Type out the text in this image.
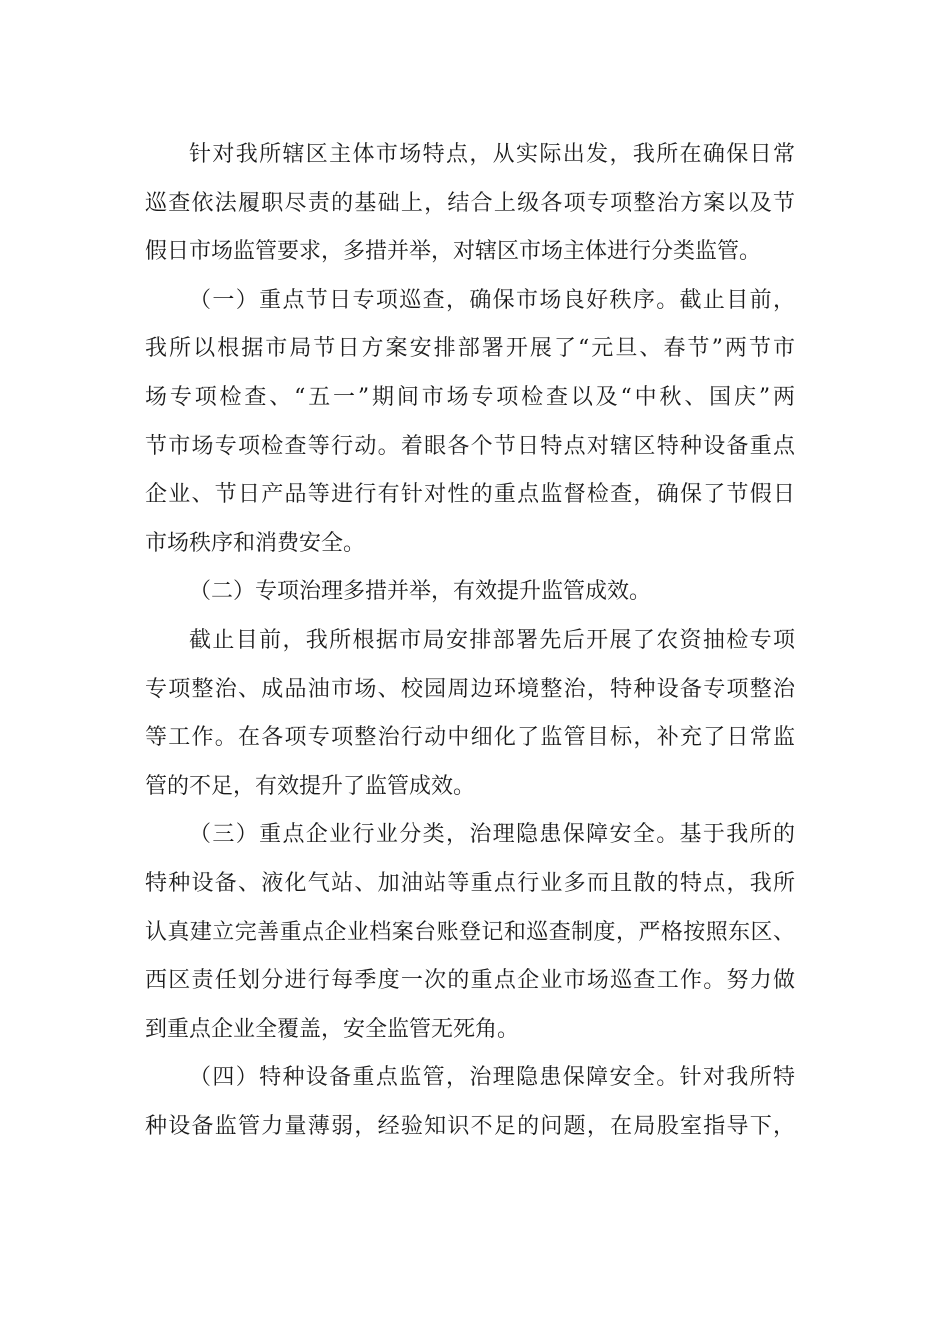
针对我所辖区主体市场特点，从实际出发，我所在确保日常
巡查依法履职尽责的基础上，结合上级各项专项整治方案以及节
假日市场监管要求，多措并举，对辖区市场主体进行分类监管。
（一）重点节日专项巡查，确保市场良好秩序。截止目前，
我所以根据市局节日方案安排部署开展了“元旦、春节”两节市
场专项检查、“五一”期间市场专项检查以及“中秋、国庆”两
节市场专项检查等行动。着眼各个节日特点对辖区特种设备重点
企业、节日产品等进行有针对性的重点监督检查，确保了节假日
市场秩序和消费安全。
（二）专项治理多措并举，有效提升监管成效。
截止目前，我所根据市局安排部署先后开展了农资抽检专项
专项整治、成品油市场、校园周边环境整治，特种设备专项整治
等工作。在各项专项整治行动中细化了监管目标，补充了日常监
管的不足，有效提升了监管成效。
（三）重点企业行业分类，治理隐患保障安全。基于我所的
特种设备、液化气站、加油站等重点行业多而且散的特点，我所
认真建立完善重点企业档案台账登记和巡查制度，严格按照东区、
西区责任划分进行每季度一次的重点企业市场巡查工作。努力做
到重点企业全覆盖，安全监管无死角。
（四）特种设备重点监管，治理隐患保障安全。针对我所特
种设备监管力量薄弱，经验知识不足的问题，在局股室指导下，
